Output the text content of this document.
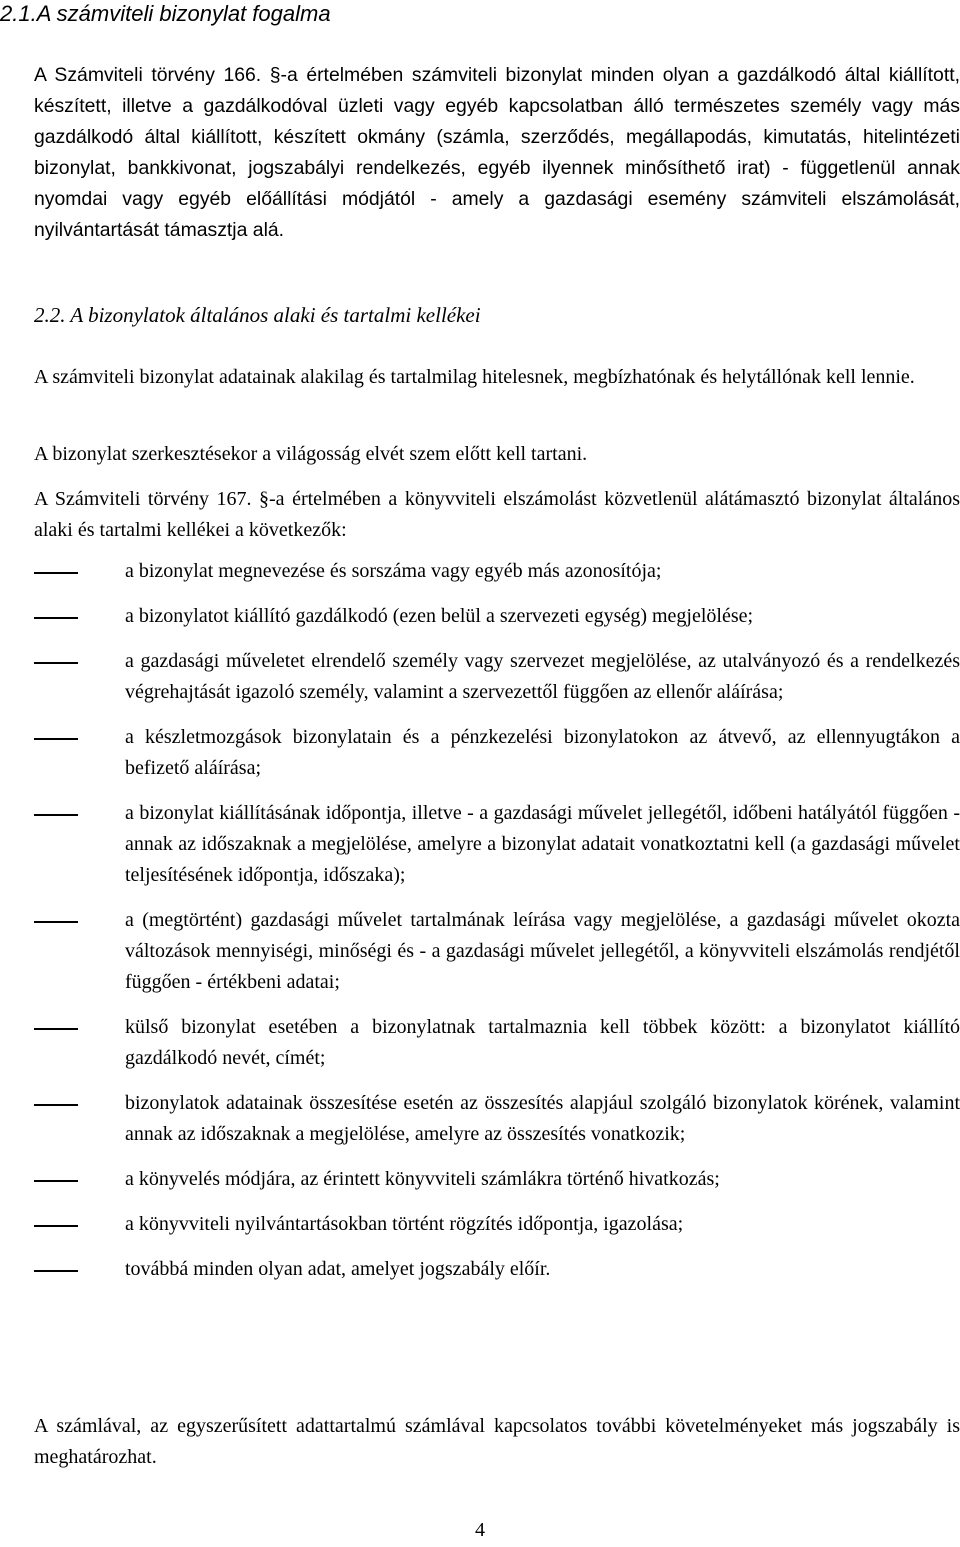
2.1.A számviteli bizonylat fogalma

A Számviteli törvény 166. §-a értelmében számviteli bizonylat minden olyan a gazdálkodó által kiállított, készített, illetve a gazdálkodóval üzleti vagy egyéb kapcsolatban álló természetes személy vagy más gazdálkodó által kiállított, készített okmány (számla, szerződés, megállapodás, kimutatás, hitelintézeti bizonylat, bankkivonat, jogszabályi rendelkezés, egyéb ilyennek minősíthető irat) - függetlenül annak nyomdai vagy egyéb előállítási módjától - amely a gazdasági esemény számviteli elszámolását, nyilvántartását támasztja alá.

2.2. A bizonylatok általános alaki és tartalmi kellékei

A számviteli bizonylat adatainak alakilag és tartalmilag hitelesnek, megbízhatónak és helytállónak kell lennie.

A bizonylat szerkesztésekor a világosság elvét szem előtt kell tartani.

A Számviteli törvény 167. §-a értelmében a könyvviteli elszámolást közvetlenül alátámasztó bizonylat általános alaki és tartalmi kellékei a következők:

a bizonylat megnevezése és sorszáma vagy egyéb más azonosítója;
a bizonylatot kiállító gazdálkodó (ezen belül a szervezeti egység) megjelölése;
a gazdasági műveletet elrendelő személy vagy szervezet megjelölése, az utalványozó és a rendelkezés végrehajtását igazoló személy, valamint a szervezettől függően az ellenőr aláírása;
a készletmozgások bizonylatain és a pénzkezelési bizonylatokon az átvevő, az ellennyugtákon a befizető aláírása;
a bizonylat kiállításának időpontja, illetve - a gazdasági művelet jellegétől, időbeni hatályától függően - annak az időszaknak a megjelölése, amelyre a bizonylat adatait vonatkoztatni kell (a gazdasági művelet teljesítésének időpontja, időszaka);
a (megtörtént) gazdasági művelet tartalmának leírása vagy megjelölése, a gazdasági művelet okozta változások mennyiségi, minőségi és - a gazdasági művelet jellegétől, a könyvviteli elszámolás rendjétől függően - értékbeni adatai;
külső bizonylat esetében a bizonylatnak tartalmaznia kell többek között: a bizonylatot kiállító gazdálkodó nevét, címét;
bizonylatok adatainak összesítése esetén az összesítés alapjául szolgáló bizonylatok körének, valamint annak az időszaknak a megjelölése, amelyre az összesítés vonatkozik;
a könyvelés módjára, az érintett könyvviteli számlákra történő hivatkozás;
a könyvviteli nyilvántartásokban történt rögzítés időpontja, igazolása;
továbbá minden olyan adat, amelyet jogszabály előír.

A számlával, az egyszerűsített adattartalmú számlával kapcsolatos további követelményeket más jogszabály is meghatározhat.

4
